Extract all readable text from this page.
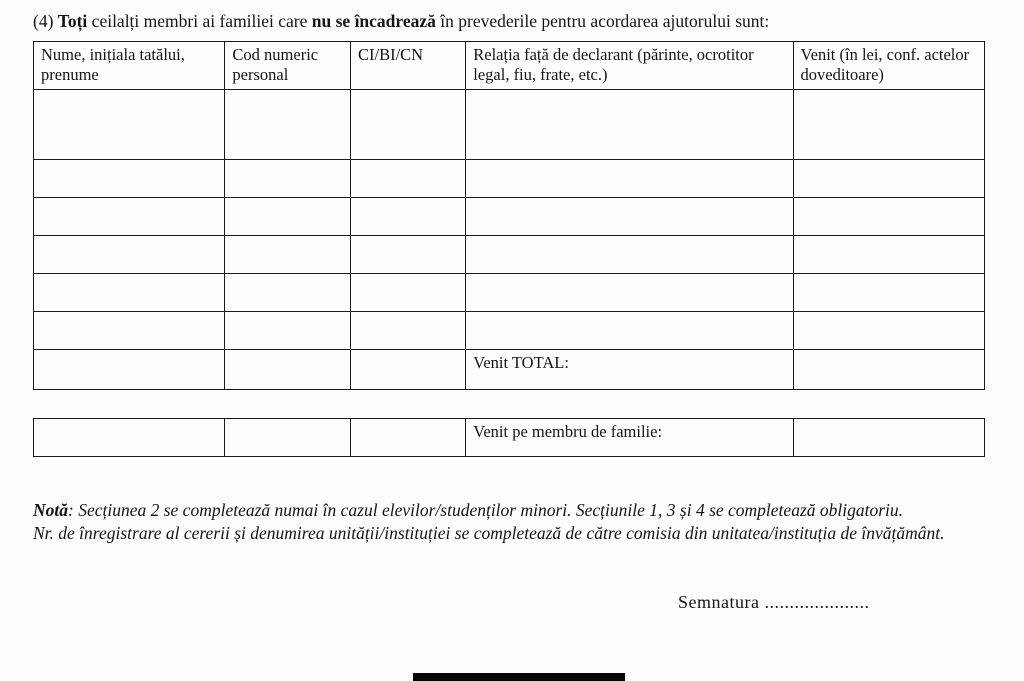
(4) Toți ceilalți membri ai familiei care nu se încadrează în prevederile pentru acordarea ajutorului sunt:

Nume, inițiala tatălui, prenume	Cod numeric personal	CI/BI/CN	Relația față de declarant (părinte, ocrotitor legal, fiu, frate, etc.)	Venit (în lei, conf. actelor doveditoare)

			Venit TOTAL:	
			Venit pe membru de familie:	

Notă: Secțiunea 2 se completează numai în cazul elevilor/studenților minori. Secțiunile 1, 3 și 4 se completează obligatoriu.

Nr. de înregistrare al cererii și denumirea unității/instituției se completează de către comisia din unitatea/instituția de învățământ.

Semnatura .....................
